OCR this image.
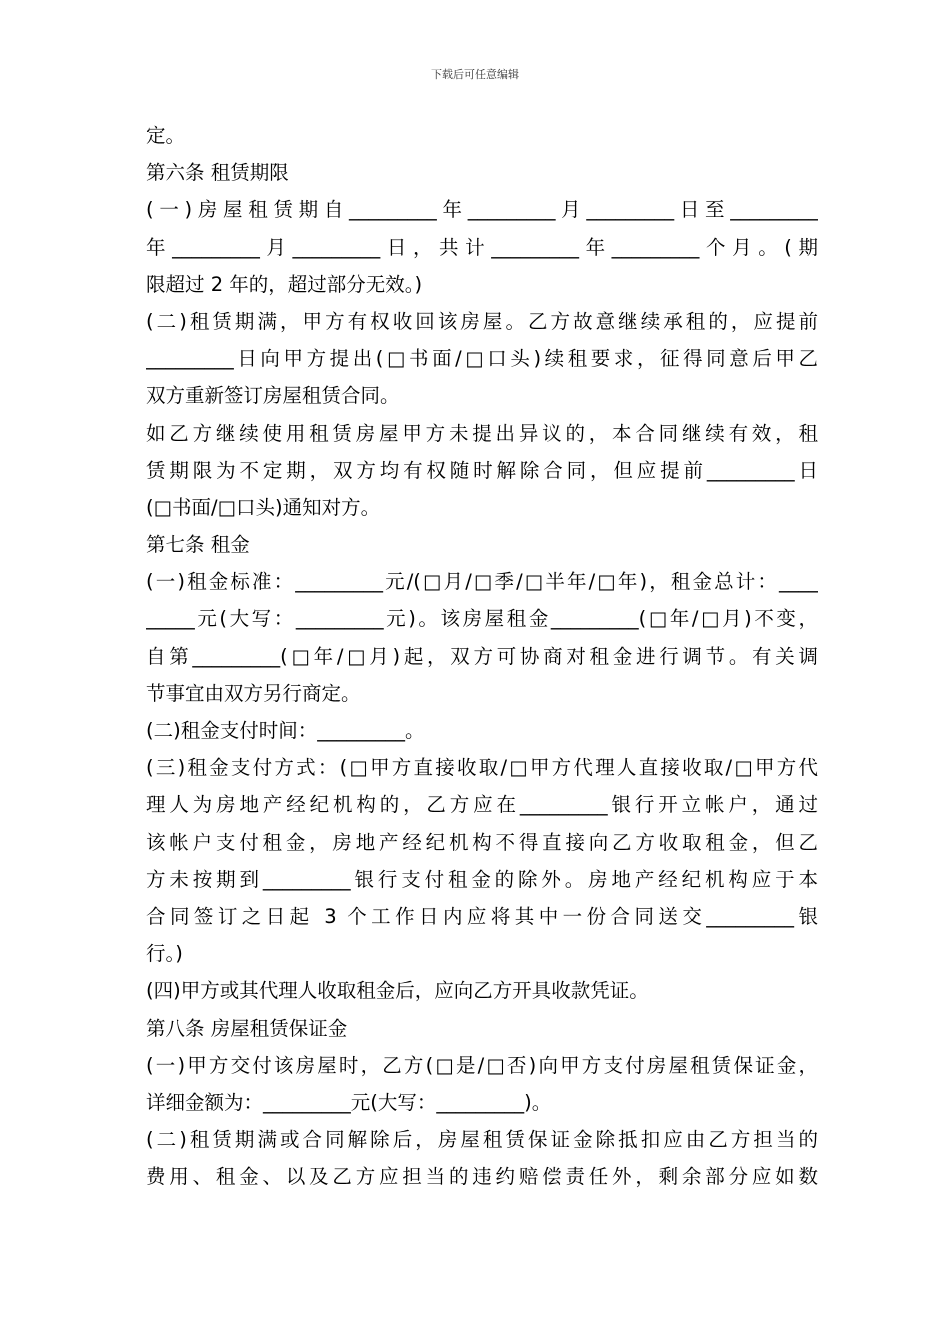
下载后可任意编辑
定。
第六条 租赁期限
(一)房屋租赁期自_________年_________月_________日至_________
年_________月_________日，共计_________年_________个月。(期
限超过 2 年的，超过部分无效。)
(二)租赁期满，甲方有权收回该房屋。乙方故意继续承租的，应提前
_________日向甲方提出(□书面/□口头)续租要求，征得同意后甲乙
双方重新签订房屋租赁合同。
如乙方继续使用租赁房屋甲方未提出异议的，本合同继续有效，租
赁期限为不定期，双方均有权随时解除合同，但应提前_________日
(□书面/□口头)通知对方。
第七条 租金
(一)租金标准：_________元/(□月/□季/□半年/□年)，租金总计：____
_____元(大写：_________元)。该房屋租金_________(□年/□月)不变，
自第_________(□年/□月)起，双方可协商对租金进行调节。有关调
节事宜由双方另行商定。
(二)租金支付时间：_________。
(三)租金支付方式：(□甲方直接收取/□甲方代理人直接收取/□甲方代
理人为房地产经纪机构的，乙方应在_________银行开立帐户，通过
该帐户支付租金，房地产经纪机构不得直接向乙方收取租金，但乙
方未按期到_________银行支付租金的除外。房地产经纪机构应于本
合同签订之日起 3 个工作日内应将其中一份合同送交_________银
行。)
(四)甲方或其代理人收取租金后，应向乙方开具收款凭证。
第八条 房屋租赁保证金
(一)甲方交付该房屋时，乙方(□是/□否)向甲方支付房屋租赁保证金，
详细金额为：_________元(大写：_________)。
(二)租赁期满或合同解除后，房屋租赁保证金除抵扣应由乙方担当的
费用、租金、以及乙方应担当的违约赔偿责任外，剩余部分应如数
